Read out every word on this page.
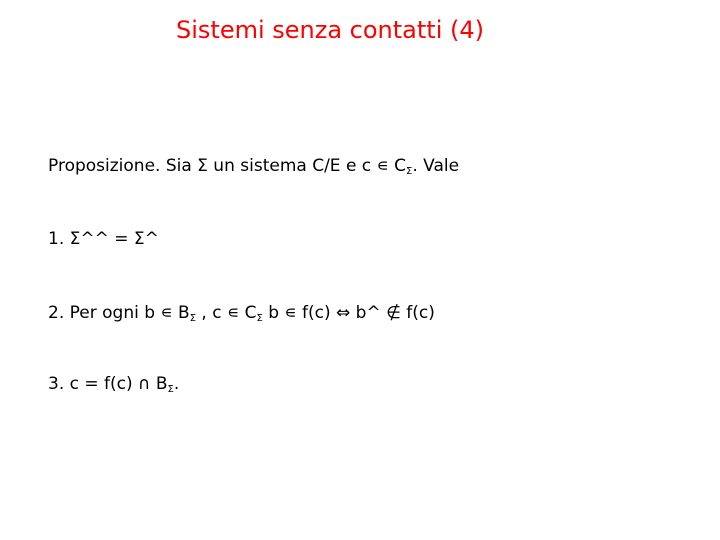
Sistemi senza contatti (4)
Proposizione. Sia Σ un sistema C/E e c ∊ $C_\Sigma$. Vale
1. Σ^^ = Σ^
2. Per ogni b ∊ $B_\Sigma$ , c ∊ $C_\Sigma$ b ∊ f(c) ⇔ b^ ∉ f(c)
3. c = f(c) ∩ $B_\Sigma$.
